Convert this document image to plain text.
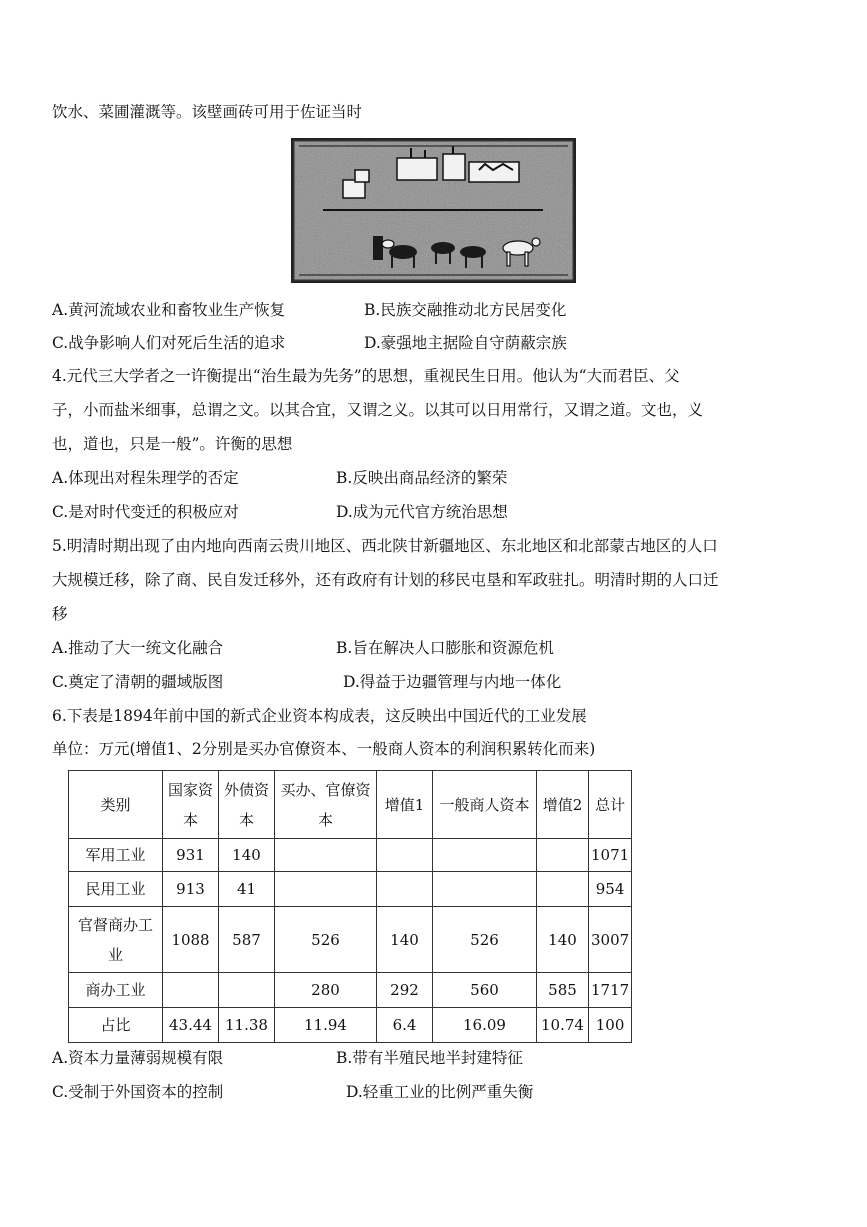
饮水、菜圃灌溉等。该壁画砖可用于佐证当时
A.黄河流域农业和畜牧业生产恢复	B.民族交融推动北方民居变化
C.战争影响人们对死后生活的追求	D.豪强地主据险自守荫蔽宗族
4.元代三大学者之一许衡提出“治生最为先务”的思想，重视民生日用。他认为“大而君臣、父
子，小而盐米细事，总谓之文。以其合宜，又谓之义。以其可以日用常行，又谓之道。文也，义
也，道也，只是一般”。许衡的思想
A.体现出对程朱理学的否定	B.反映出商品经济的繁荣
C.是对时代变迁的积极应对	D.成为元代官方统治思想
5.明清时期出现了由内地向西南云贵川地区、西北陕甘新疆地区、东北地区和北部蒙古地区的人口
大规模迁移，除了商、民自发迁移外，还有政府有计划的移民屯垦和军政驻扎。明清时期的人口迁
移
A.推动了大一统文化融合	B.旨在解决人口膨胀和资源危机
C.奠定了清朝的疆域版图	D.得益于边疆管理与内地一体化
6.下表是1894年前中国的新式企业资本构成表，这反映出中国近代的工业发展
单位：万元(增值1、2分别是买办官僚资本、一般商人资本的利润积累转化而来)
类别	国家资本	外债资本	买办、官僚资本	增值1	一般商人资本	增值2	总计
军用工业	931	140					1071
民用工业	913	41					954
官督商办工业	1088	587	526	140	526	140	3007
商办工业			280	292	560	585	1717
占比	43.44	11.38	11.94	6.4	16.09	10.74	100
A.资本力量薄弱规模有限	B.带有半殖民地半封建特征
C.受制于外国资本的控制	D.轻重工业的比例严重失衡
